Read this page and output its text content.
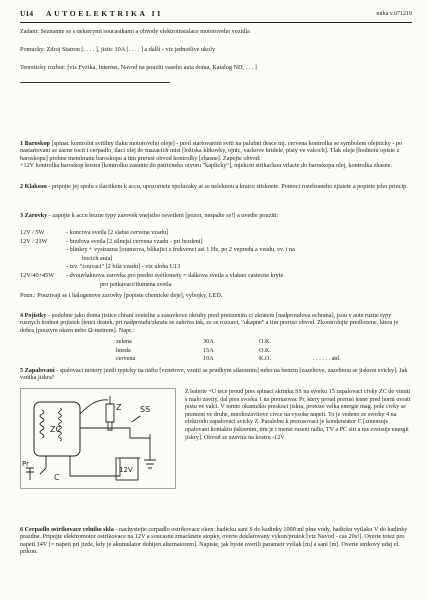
U14 AUTOELEKTRIKA II	mika v.071219
Zadani: Seznamte se s nekterymi soucastkami a obvody elektroinstalace motoroveho vozidla
Pomucky: Zdroj Statron [. . . . ], jistic 10A [. . . . ] a další - viz jednotlive ukoly
Teoreticky rozbor: [viz Fyzika, Internet, Navod na pouziti vaseho auta doma, Katalog ND, . . . ]
1 Baroskop [spinac kontrolni svitilny tlaku motoroveho oleje] - pred startovanim sviti na palubni desce mj. cervena kontrolka se symbolem olejnicky - po nastartovani se zacne tocit i cerpadlo, tlaci olej do mazacich mist [ložiska klikovky, ojnic, vackove hridele, pisty ve valcich]. Tlak oleje [hodnotu opiste z baroskopu] prohne membranu baroskopu a tim prerusi obvod kontrolky [zhasne]. Zapojte obvod:
+12V kontrolka baroskop kostra [kontrolku zasunte do patricneho otvoru "kaplicky"], injekcni strikackou vtlacte do baroskopu olej, kontrolka zhasne.
2 Klakson - pripojte jej spolu s tlacitkem k accu, upozornete spoluzaky at se neleknou a kratce stisknete. Pomoci rozebraneho zjistete a popiste jeho princip.
3 Zarovky - zapojte k accu bezne typy zarovek vnejsiho osvetleni [pozor, nespalte se!] a uvedte pouziti:
12V / 5W	- koncova svetla [2 slabsi cervena vzadu]
12V / 21W	- brzdova svetla [2 silnejsi cervena vzadu - pri brzdeni]
- blinkry + vystrazna [oranzova, blikajici s frekvenci asi 1 Hz, po 2 vepredu a vzadu, ev. i na
bocich auta]
- tzv. "couvaci" [2 bila vzadu] - viz uloha U13
12V/40+45W - dvouvlaknova zarovka pro predni svetlomety = dalkova svetla a vlakno castecne kryte
pro potkavaci/tlumena svetla
Pozn.: Pouzivaji se i halogenove zarovky [popiste chemicke deje], vybojky, LED.
4 Pojistky - podobne jako doma jistice chrani svetelne a zasuvkove okruhy pred pretizenim ci zkratem [nadproudova ochrana], jsou v aute ruzne typy ruznych hodnot pojistek [tenci dratek, pri nadproudu/zkratu se zahriva tak, ze se rozzavi, "ukapne" a tim prerusi obvod. Zkontrolujte predlozene, ktera je dobra [pouzym okem nebo Ω-metrem]. Napr.:
zelena	30A	O.K.
hneda	15A	O.K.
cervena	10A	K.O.	. . . . . . atd.
5 Zapalovani - spalovaci motory jezdi typicky na naftu [vznetove, vzniti se prudkym stlacenim] nebo na benzin [zazehove, zazehnou se jiskrou svicky]. Jak vznika jiskra?
ZC
SS
Pr
C
12V
Z
Z baterie +U tece proud pres spinaci skrinku SS na svorku 15 zapalovaci civky ZC do vinuti s malo zavity, dal pres svorku 1 na prerusovac Pr, ktery proud prerusi tesne pred horni uvrati pistu ve valci. V tomto okamziku preskoci jiskra, protoze velka energie mag. pole civky se premeni ve druhe, mnohozavitove civce na vysoke napeti. To je vedeno ze svorky 4 na elektrodu zapalovaci svicky Z. Paralelne k prerusovaci je kondenzator C [zmensuje opalovani kontaktu jiskrenim, tim je i mensi ruseni radia, TV a PC siti a tez zvetsuje energii jiskry]. Obvod se uzavira na kostru -12V
6 Cerpadlo ostrikovace celniho skla - nachystejte cerpadlo ostrikovace oken: hadicku sani S do kadinky 1000 ml plne vody, hadicku vytlaku V do kadinky prazdne. Pripojte elektromotor ostrikovace na 12V a soucasne zmacknete stopky, overte deklarovany vykon/prutok [viz Navod - cas 20s!]. Overte totez pro napeti 14V [= napeti pri jizde, kdy je akumulator dobijen alternatorem]. Napiste, jak byste overili parametr vytlak [m] a sani [m]. Overte strikovy udaj el. prikon.
